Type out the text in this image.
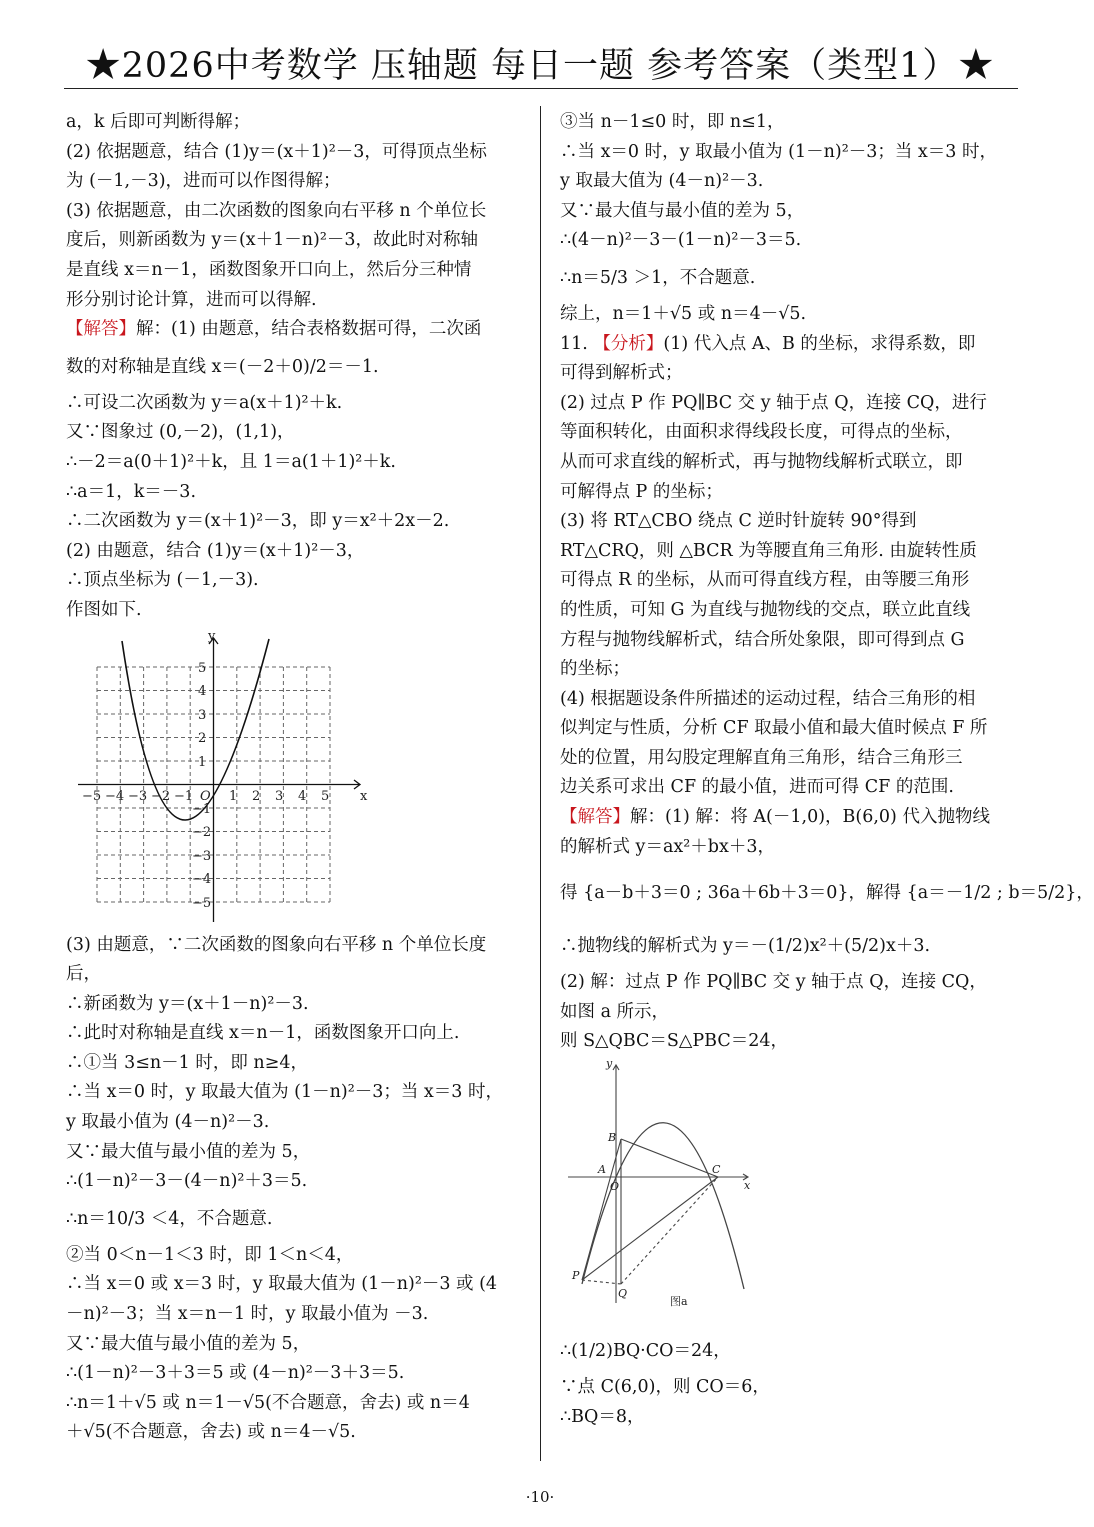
★2026中考数学 压轴题 每日一题 参考答案（类型1）★
a，k 后即可判断得解；
(2) 依据题意，结合 (1)y＝(x＋1)²－3，可得顶点坐标
为 (－1,－3)，进而可以作图得解；
(3) 依据题意，由二次函数的图象向右平移 n 个单位长
度后，则新函数为 y＝(x＋1－n)²－3，故此时对称轴
是直线 x＝n－1，函数图象开口向上，然后分三种情
形分别讨论计算，进而可以得解.
【解答】解：(1) 由题意，结合表格数据可得，二次函
数的对称轴是直线 x＝(－2＋0)/2＝－1.
∴可设二次函数为 y＝a(x＋1)²＋k.
又∵图象过 (0,－2)，(1,1)，
∴－2＝a(0＋1)²＋k，且 1＝a(1＋1)²＋k.
∴a＝1，k＝－3.
∴二次函数为 y＝(x＋1)²－3，即 y＝x²＋2x－2.
(2) 由题意，结合 (1)y＝(x＋1)²－3，
∴顶点坐标为 (－1,－3).
作图如下.
y
x
O
−5 −4 −3 −2 −1	1 2 3 4 5
5
4
3
2
1
−1
−2
−3
−4
−5
(3) 由题意，∵二次函数的图象向右平移 n 个单位长度
后，
∴新函数为 y＝(x＋1－n)²－3.
∴此时对称轴是直线 x＝n－1，函数图象开口向上.
∴①当 3≤n－1 时，即 n≥4，
∴当 x＝0 时，y 取最大值为 (1－n)²－3；当 x＝3 时，
y 取最小值为 (4－n)²－3.
又∵最大值与最小值的差为 5，
∴(1－n)²－3－(4－n)²＋3＝5.
∴n＝10/3 ＜4，不合题意.
②当 0＜n－1＜3 时，即 1＜n＜4，
∴当 x＝0 或 x＝3 时，y 取最大值为 (1－n)²－3 或 (4
－n)²－3；当 x＝n－1 时，y 取最小值为 －3.
又∵最大值与最小值的差为 5，
∴(1－n)²－3＋3＝5 或 (4－n)²－3＋3＝5.
∴n＝1＋√5 或 n＝1－√5(不合题意，舍去) 或 n＝4
＋√5(不合题意，舍去) 或 n＝4－√5.
③当 n－1≤0 时，即 n≤1，
∴当 x＝0 时，y 取最小值为 (1－n)²－3；当 x＝3 时，
y 取最大值为 (4－n)²－3.
又∵最大值与最小值的差为 5，
∴(4－n)²－3－(1－n)²－3＝5.
∴n＝5/3 ＞1，不合题意.
综上，n＝1＋√5 或 n＝4－√5.
11. 【分析】(1) 代入点 A、B 的坐标，求得系数，即
可得到解析式；
(2) 过点 P 作 PQ∥BC 交 y 轴于点 Q，连接 CQ，进行
等面积转化，由面积求得线段长度，可得点的坐标，
从而可求直线的解析式，再与抛物线解析式联立，即
可解得点 P 的坐标；
(3) 将 RT△CBO 绕点 C 逆时针旋转 90°得到
RT△CRQ，则 △BCR 为等腰直角三角形. 由旋转性质
可得点 R 的坐标，从而可得直线方程，由等腰三角形
的性质，可知 G 为直线与抛物线的交点，联立此直线
方程与抛物线解析式，结合所处象限，即可得到点 G
的坐标；
(4) 根据题设条件所描述的运动过程，结合三角形的相
似判定与性质，分析 CF 取最小值和最大值时候点 F 所
处的位置，用勾股定理解直角三角形，结合三角形三
边关系可求出 CF 的最小值，进而可得 CF 的范围.
【解答】解：(1) 解：将 A(－1,0)，B(6,0) 代入抛物线
的解析式 y＝ax²＋bx＋3，
得 {a－b＋3＝0 ; 36a＋6b＋3＝0}，解得 {a＝－1/2 ; b＝5/2}，
∴抛物线的解析式为 y＝－(1/2)x²＋(5/2)x＋3.
(2) 解：过点 P 作 PQ∥BC 交 y 轴于点 Q，连接 CQ，
如图 a 所示，
则 S△QBC＝S△PBC＝24，
y
x
B
A
O
C
P
Q
图a
∴(1/2)BQ·CO＝24，
∵点 C(6,0)，则 CO＝6，
∴BQ＝8，
·10·
